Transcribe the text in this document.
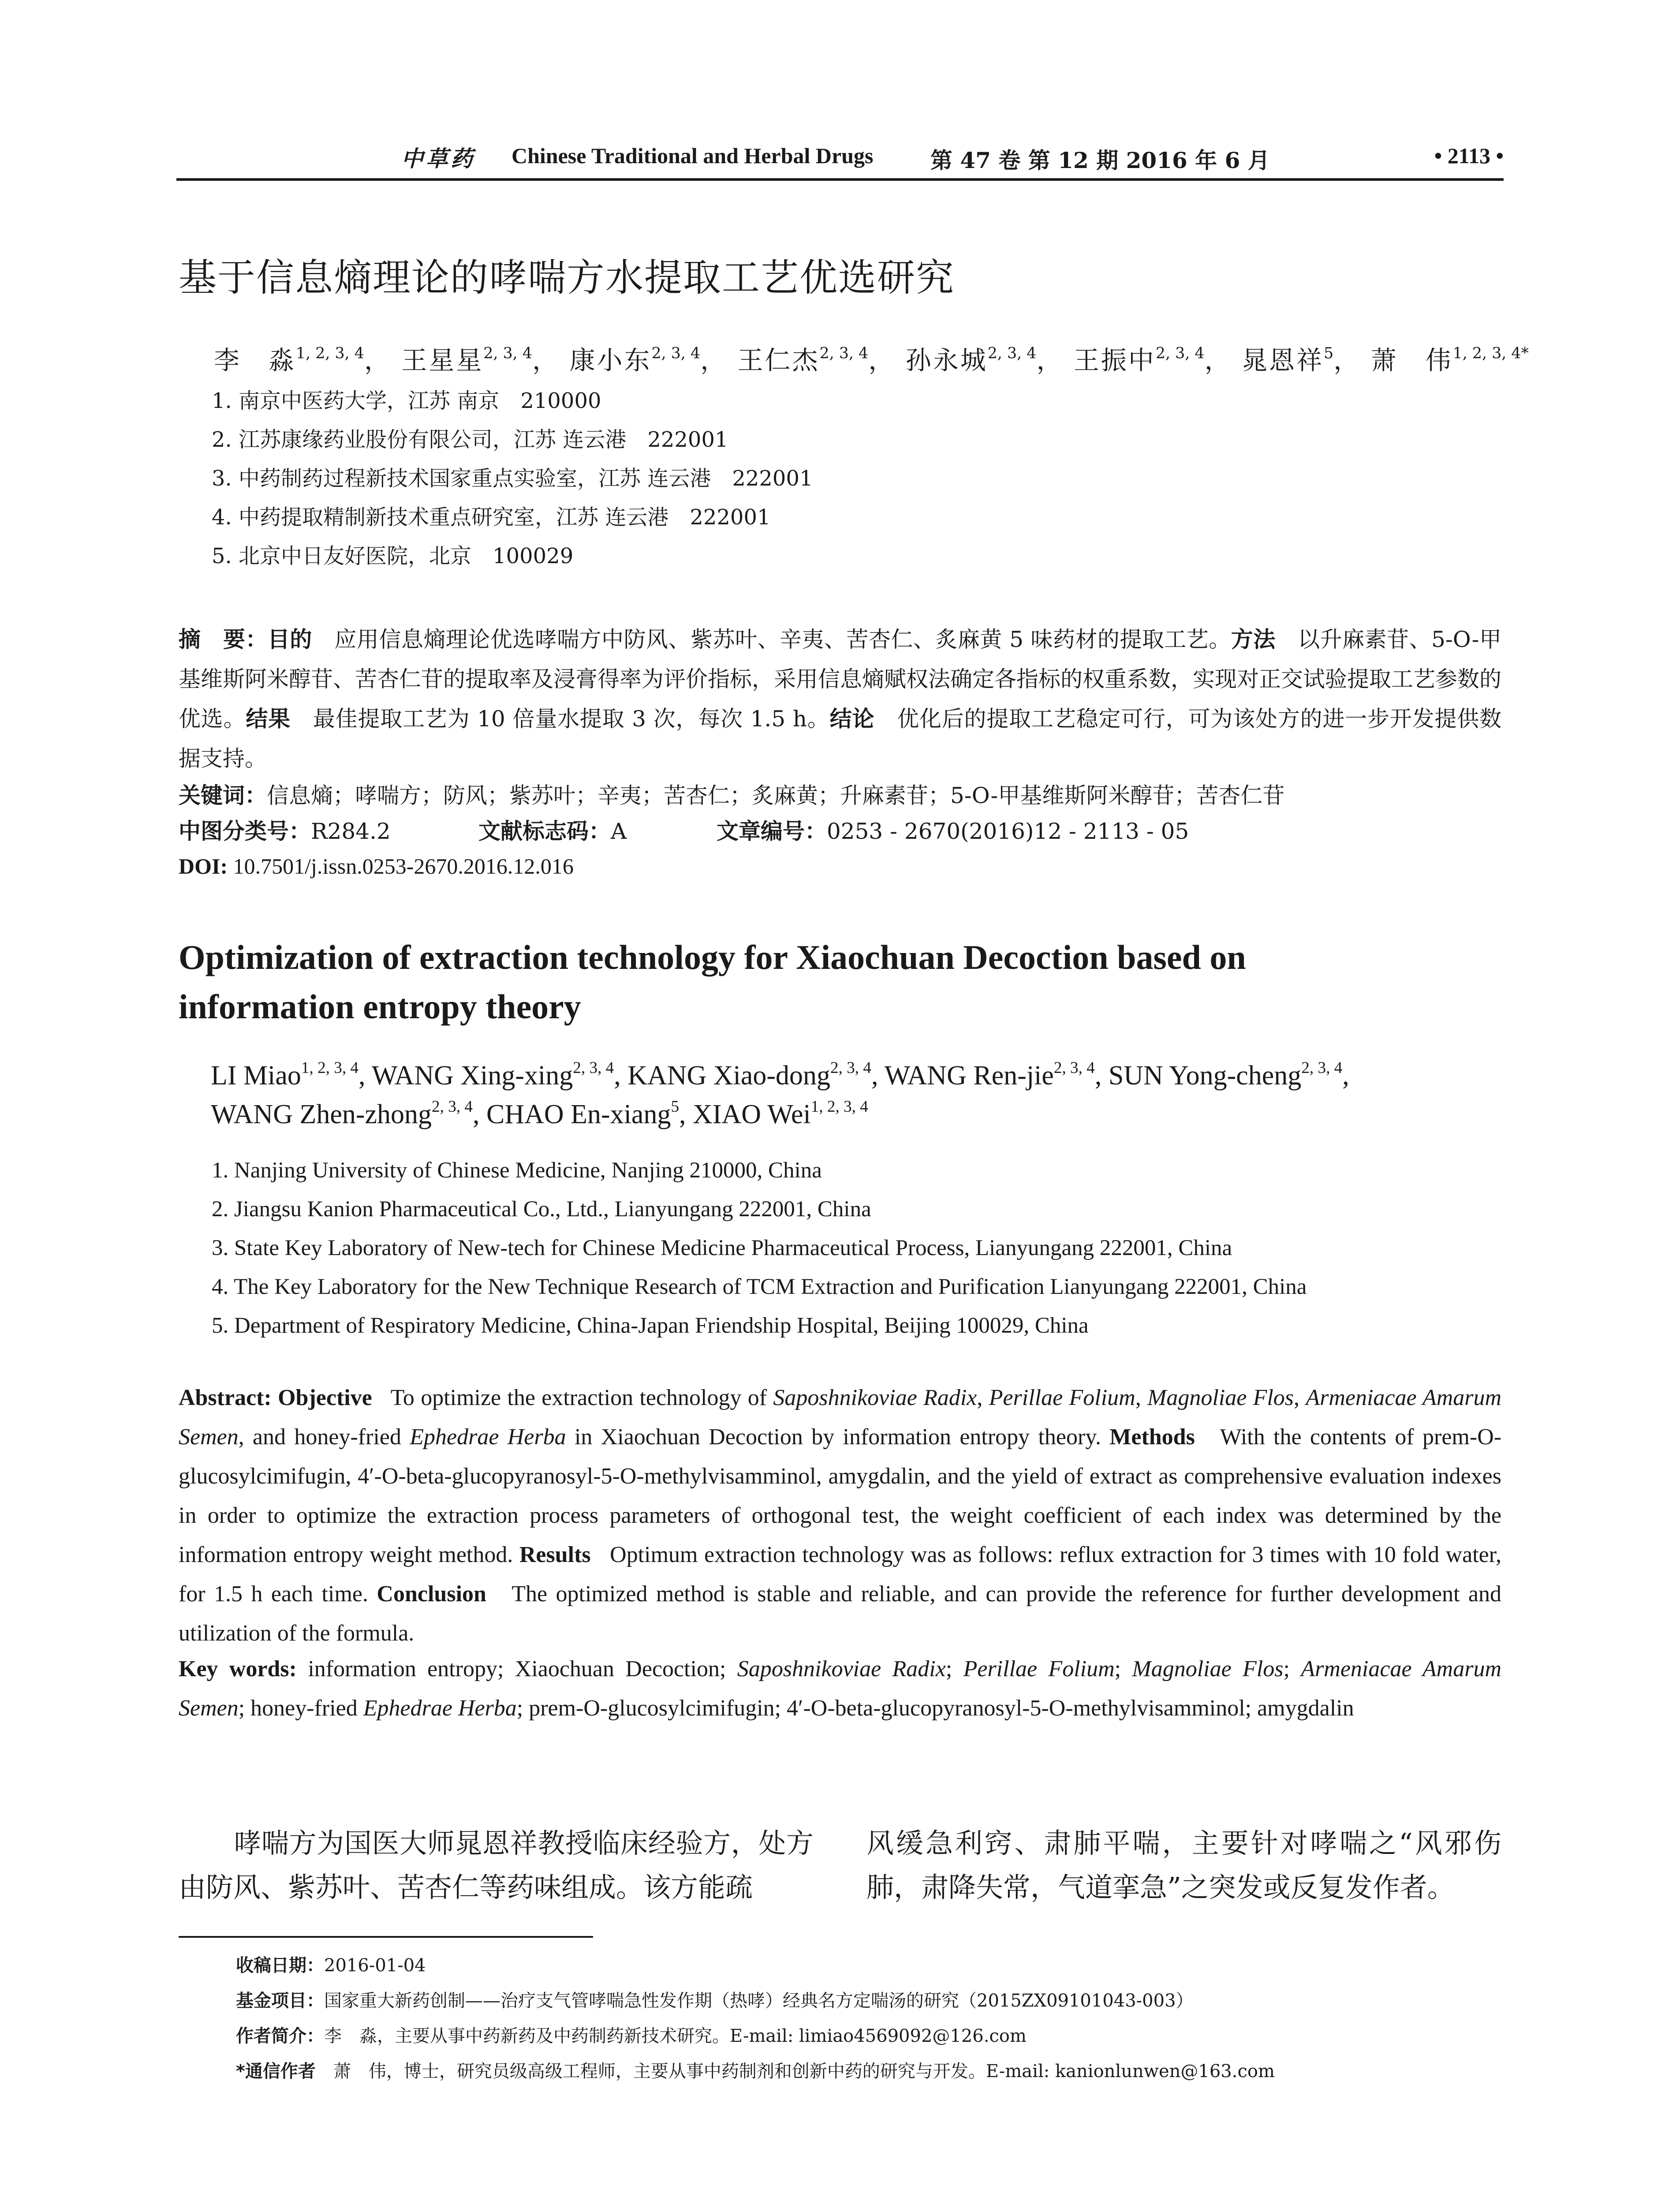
中草药 Chinese Traditional and Herbal Drugs	第 47 卷 第 12 期 2016 年 6 月	• 2113 •
基于信息熵理论的哮喘方水提取工艺优选研究
李　淼$^{1, 2, 3, 4}$， 王星星$^{2, 3, 4}$， 康小东$^{2, 3, 4}$， 王仁杰$^{2, 3, 4}$， 孙永城$^{2, 3, 4}$， 王振中$^{2, 3, 4}$， 晁恩祥$^5$， 萧　伟$^{1, 2, 3, 4*}$
1. 南京中医药大学，江苏 南京　210000
2. 江苏康缘药业股份有限公司，江苏 连云港　222001
3. 中药制药过程新技术国家重点实验室，江苏 连云港　222001
4. 中药提取精制新技术重点研究室，江苏 连云港　222001
5. 北京中日友好医院，北京　100029
摘　要：目的　 应用信息熵理论优选哮喘方中防风、紫苏叶、辛夷、苦杏仁、炙麻黄 5 味药材的提取工艺。方法　 以升麻素苷、5-O-甲基维斯阿米醇苷、苦杏仁苷的提取率及浸膏得率为评价指标，采用信息熵赋权法确定各指标的权重系数，实现对正交试验提取工艺参数的优选。结果　 最佳提取工艺为 10 倍量水提取 3 次，每次 1.5 h。结论　 优化后的提取工艺稳定可行，可为该处方的进一步开发提供数据支持。
关键词：信息熵；哮喘方；防风；紫苏叶；辛夷；苦杏仁；炙麻黄；升麻素苷；5-O-甲基维斯阿米醇苷；苦杏仁苷
中图分类号：R284.2	文献标志码：A	文章编号：0253 - 2670(2016)12 - 2113 - 05
DOI: 10.7501/j.issn.0253-2670.2016.12.016
Optimization of extraction technology for Xiaochuan Decoction based on
information entropy theory
LI Miao$^{1, 2, 3, 4}$, WANG Xing-xing$^{2, 3, 4}$, KANG Xiao-dong$^{2, 3, 4}$, WANG Ren-jie$^{2, 3, 4}$, SUN Yong-cheng$^{2, 3, 4}$,
WANG Zhen-zhong$^{2, 3, 4}$, CHAO En-xiang$^5$, XIAO Wei$^{1, 2, 3, 4}$
1. Nanjing University of Chinese Medicine, Nanjing 210000, China
2. Jiangsu Kanion Pharmaceutical Co., Ltd., Lianyungang 222001, China
3. State Key Laboratory of New-tech for Chinese Medicine Pharmaceutical Process, Lianyungang 222001, China
4. The Key Laboratory for the New Technique Research of TCM Extraction and Purification Lianyungang 222001, China
5. Department of Respiratory Medicine, China-Japan Friendship Hospital, Beijing 100029, China
Abstract: Objective To optimize the extraction technology of Saposhnikoviae Radix, Perillae Folium, Magnoliae Flos, Armeniacae Amarum Semen, and honey-fried Ephedrae Herba in Xiaochuan Decoction by information entropy theory. Methods With the contents of prem-O-glucosylcimifugin, 4′-O-beta-glucopyranosyl-5-O-methylvisamminol, amygdalin, and the yield of extract as comprehensive evaluation indexes in order to optimize the extraction process parameters of orthogonal test, the weight coefficient of each index was determined by the information entropy weight method. Results Optimum extraction technology was as follows: reflux extraction for 3 times with 10 fold water, for 1.5 h each time. Conclusion The optimized method is stable and reliable, and can provide the reference for further development and utilization of the formula.
Key words: information entropy; Xiaochuan Decoction; Saposhnikoviae Radix; Perillae Folium; Magnoliae Flos; Armeniacae Amarum Semen; honey-fried Ephedrae Herba; prem-O-glucosylcimifugin; 4′-O-beta-glucopyranosyl-5-O-methylvisamminol; amygdalin
　　哮喘方为国医大师晁恩祥教授临床经验方，处方由防风、紫苏叶、苦杏仁等药味组成。该方能疏
风缓急利窍、肃肺平喘，主要针对哮喘之“风邪伤肺，肃降失常，气道挛急”之突发或反复发作者。
收稿日期：2016-01-04
基金项目：国家重大新药创制——治疗支气管哮喘急性发作期（热哮）经典名方定喘汤的研究（2015ZX09101043-003）
作者简介：李　淼，主要从事中药新药及中药制药新技术研究。E-mail: limiao4569092@126.com
*通信作者　萧　伟，博士，研究员级高级工程师，主要从事中药制剂和创新中药的研究与开发。E-mail: kanionlunwen@163.com
